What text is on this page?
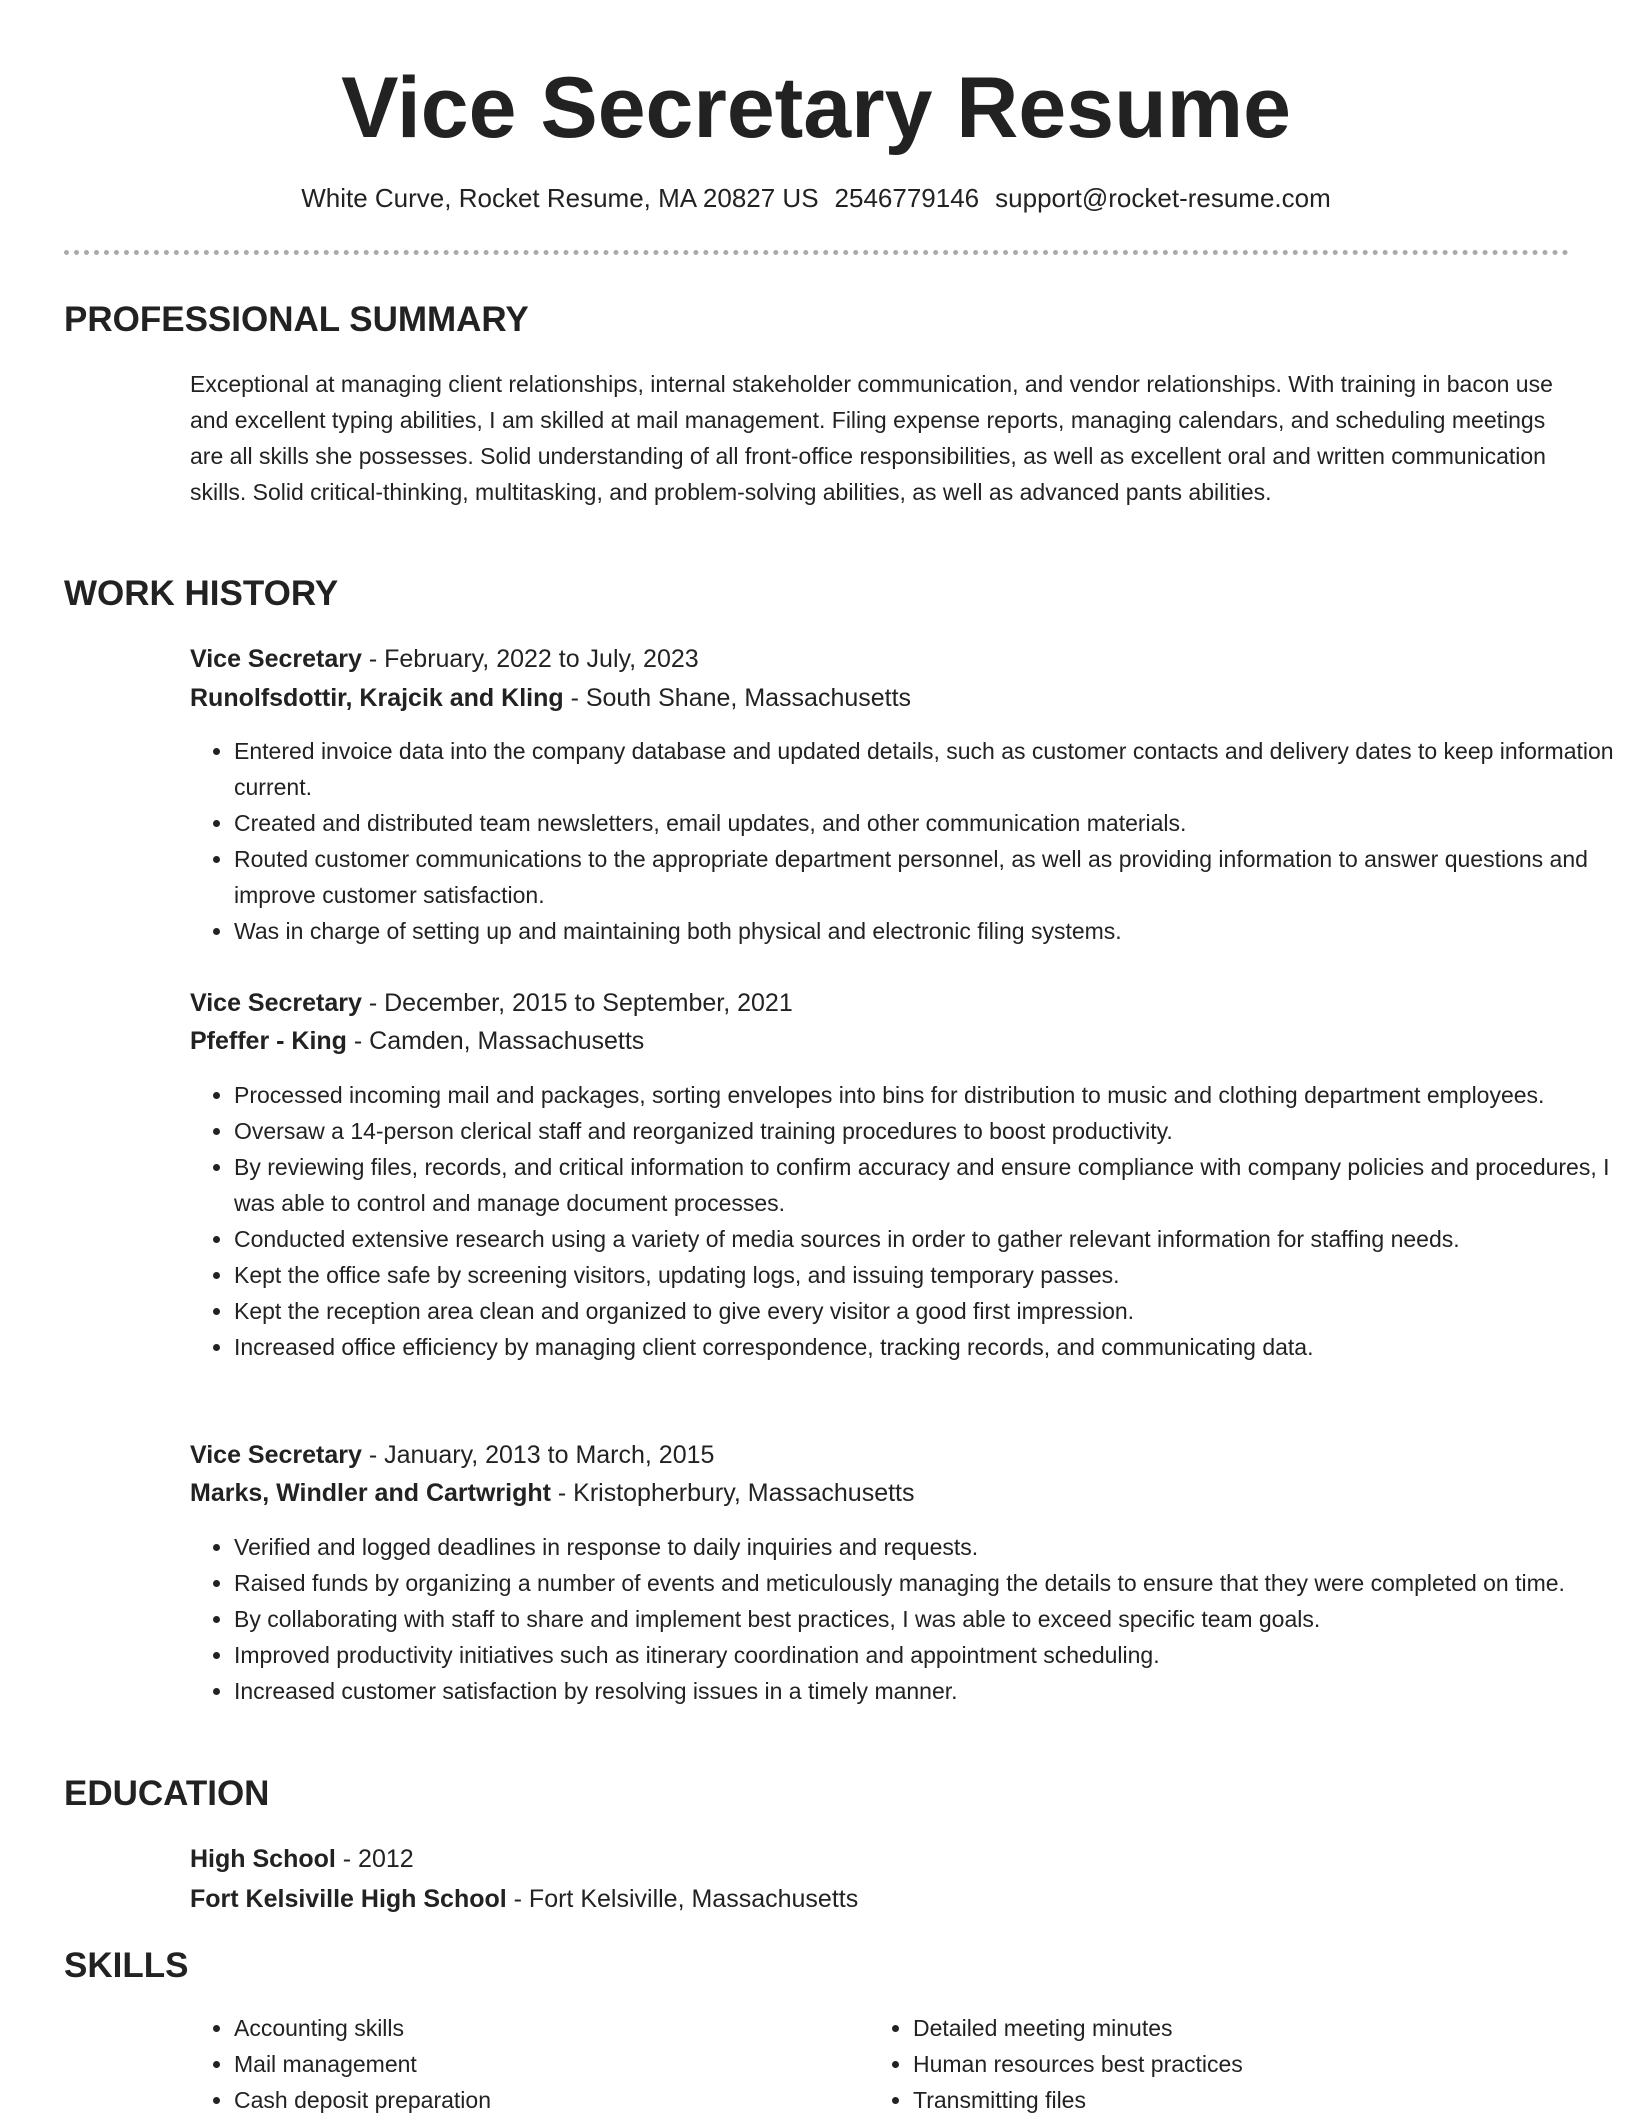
Vice Secretary Resume
White Curve, Rocket Resume, MA 20827 US 2546779146 support@rocket-resume.com
PROFESSIONAL SUMMARY

Exceptional at managing client relationships, internal stakeholder communication, and vendor relationships. With training in bacon use and excellent typing abilities, I am skilled at mail management. Filing expense reports, managing calendars, and scheduling meetings are all skills she possesses. Solid understanding of all front-office responsibilities, as well as excellent oral and written communication skills. Solid critical-thinking, multitasking, and problem-solving abilities, as well as advanced pants abilities.

WORK HISTORY
Vice Secretary - February, 2022 to July, 2023
Runolfsdottir, Krajcik and Kling - South Shane, Massachusetts
• Entered invoice data into the company database and updated details, such as customer contacts and delivery dates to keep information current.
• Created and distributed team newsletters, email updates, and other communication materials.
• Routed customer communications to the appropriate department personnel, as well as providing information to answer questions and improve customer satisfaction.
• Was in charge of setting up and maintaining both physical and electronic filing systems.
Vice Secretary - December, 2015 to September, 2021
Pfeffer - King - Camden, Massachusetts
• Processed incoming mail and packages, sorting envelopes into bins for distribution to music and clothing department employees.
• Oversaw a 14-person clerical staff and reorganized training procedures to boost productivity.
• By reviewing files, records, and critical information to confirm accuracy and ensure compliance with company policies and procedures, I was able to control and manage document processes.
• Conducted extensive research using a variety of media sources in order to gather relevant information for staffing needs.
• Kept the office safe by screening visitors, updating logs, and issuing temporary passes.
• Kept the reception area clean and organized to give every visitor a good first impression.
• Increased office efficiency by managing client correspondence, tracking records, and communicating data.
Vice Secretary - January, 2013 to March, 2015
Marks, Windler and Cartwright - Kristopherbury, Massachusetts
• Verified and logged deadlines in response to daily inquiries and requests.
• Raised funds by organizing a number of events and meticulously managing the details to ensure that they were completed on time.
• By collaborating with staff to share and implement best practices, I was able to exceed specific team goals.
• Improved productivity initiatives such as itinerary coordination and appointment scheduling.
• Increased customer satisfaction by resolving issues in a timely manner.
EDUCATION
High School - 2012
Fort Kelsiville High School - Fort Kelsiville, Massachusetts
SKILLS
• Accounting skills
• Mail management
• Cash deposit preparation
• Detailed meeting minutes
• Human resources best practices
• Transmitting files
